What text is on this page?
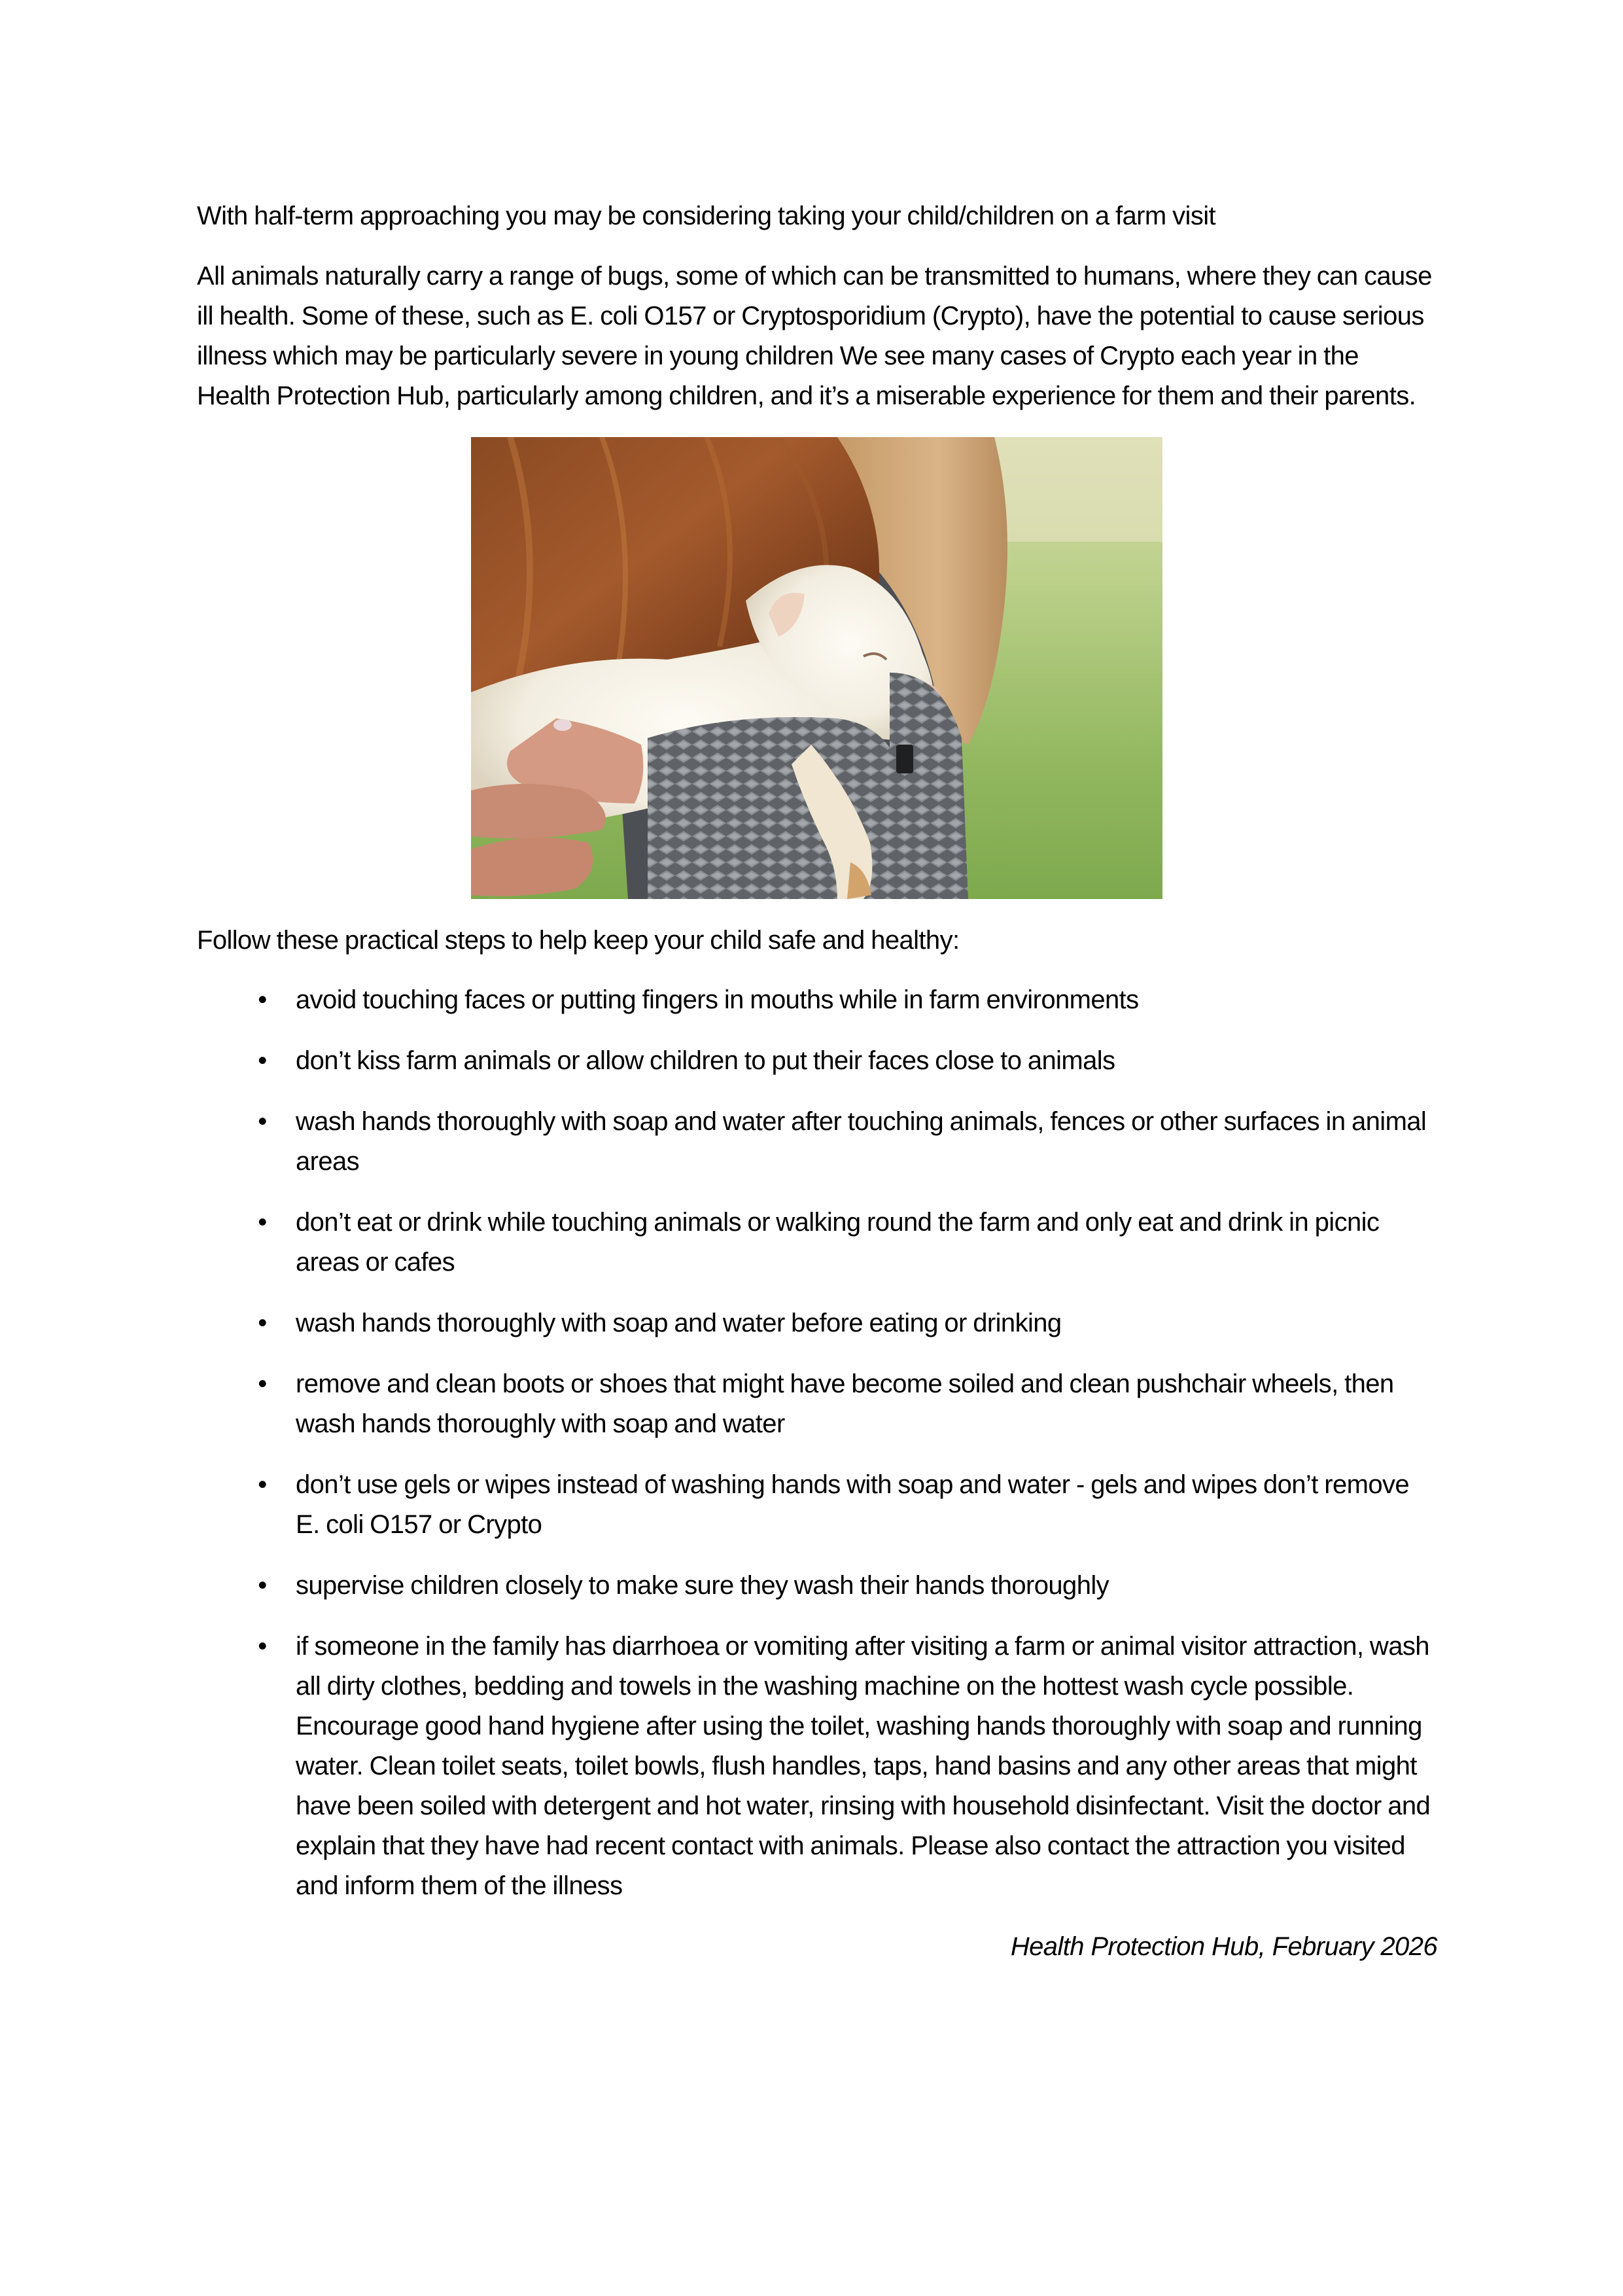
With half-term approaching you may be considering taking your child/children on a farm visit

All animals naturally carry a range of bugs, some of which can be transmitted to humans, where they can cause ill health. Some of these, such as E. coli O157 or Cryptosporidium (Crypto), have the potential to cause serious illness which may be particularly severe in young children We see many cases of Crypto each year in the Health Protection Hub, particularly among children, and it’s a miserable experience for them and their parents.

Follow these practical steps to help keep your child safe and healthy:

•	avoid touching faces or putting fingers in mouths while in farm environments
•	don’t kiss farm animals or allow children to put their faces close to animals
•	wash hands thoroughly with soap and water after touching animals, fences or other surfaces in animal areas
•	don’t eat or drink while touching animals or walking round the farm and only eat and drink in picnic areas or cafes
•	wash hands thoroughly with soap and water before eating or drinking
•	remove and clean boots or shoes that might have become soiled and clean pushchair wheels, then wash hands thoroughly with soap and water
•	don’t use gels or wipes instead of washing hands with soap and water - gels and wipes don’t remove E. coli O157 or Crypto
•	supervise children closely to make sure they wash their hands thoroughly
•	if someone in the family has diarrhoea or vomiting after visiting a farm or animal visitor attraction, wash all dirty clothes, bedding and towels in the washing machine on the hottest wash cycle possible. Encourage good hand hygiene after using the toilet, washing hands thoroughly with soap and running water. Clean toilet seats, toilet bowls, flush handles, taps, hand basins and any other areas that might have been soiled with detergent and hot water, rinsing with household disinfectant. Visit the doctor and explain that they have had recent contact with animals. Please also contact the attraction you visited and inform them of the illness
Health Protection Hub, February 2026
